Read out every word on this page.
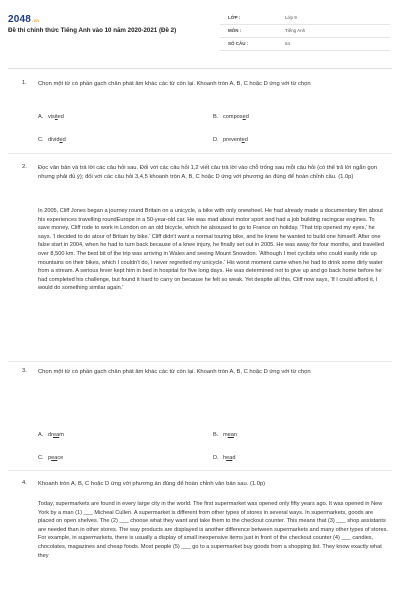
2048.vn
Đề thi chính thức Tiếng Anh vào 10 năm 2020-2021 (Đề 2)
LỚP :	Lớp 9
MÔN :	Tiếng Anh
SỐ CÂU :	64
1. Chọn một từ có phần gạch chân phát âm khác các từ còn lại. Khoanh tròn A, B, C hoặc D ứng với từ chọn
A. visited	B. composed
C. divided	D. prevented
2. Đọc văn bản và trả lời các câu hỏi sau. Đối với các câu hỏi 1,2 viết câu trả lời vào chỗ trống sau mỗi câu hỏi (có thể trả lời ngắn gọn nhưng phải đủ ý); đối với các câu hỏi 3,4,5 khoanh tròn A, B, C hoặc D ứng với phương án đúng để hoàn chỉnh câu. (1.0p)
In 2005, Cliff Jones began a journey round Britain on a unicycle, a bike with only onewheel. He had already made a documentary film about his experiences travelling roundEurope in a 50-year-old car. He was mad about motor sport and had a job building racingcar engines. To save money, Cliff rode to work in London on an old bicycle, which he alsoused to go to France on holiday. 'That trip opened my eyes,' he says. 'I decided to do atour of Britain by bike.' Cliff didn't want a normal touring bike, and he knew he wanted to build one himself. After one false start in 2004, when he had to turn back because of a knee injury, he finally set out in 2005. He was away for four months, and travelled over 8,500 km. The best bit of the trip was arriving in Wales and seeing Mount Snowdon. 'Although I met cyclists who could easily ride up mountains on their bikes, which I couldn't do, I never regretted my unicycle.' His worst moment came when he had to drink some dirty water from a stream. A serious fever kept him in bed in hospital for five long days. He was determined not to give up and go back home before he had completed his challenge, but found it hard to carry on because he felt so weak. Yet despite all this, Cliff now says, 'If I could afford it, I would do something similar again.'
3. Chọn một từ có phần gạch chân phát âm khác các từ còn lại. Khoanh tròn A, B, C hoặc D ứng với từ chọn
A. dream	B. mean
C. peace	D. head
4. Khoanh tròn A, B, C hoặc D ứng với phương án đúng để hoàn chỉnh văn bản sau. (1.0p)
Today, supermarkets are found in every large city in the world. The first supermarket was opened only fifty years ago. It was opened in New York by a man (1) ___ Micheal Cullen. A supermarket is different from other types of stores in several ways. In supermarkets, goods are placed on open shelves. The (2) ___ choose what they want and take them to the checkout counter. This means that (3) ___ shop assistants are needed than in other stores. The way products are displayed is another difference between supermarkets and many other types of stores. For example, in supermarkets, there is usually a display of small inexpensive items just in front of the checkout counter (4) ___ candies, chocolates, magazines and cheap foods. Most people (5) ___ go to a supermarket buy goods from a shopping list. They know exactly what they
